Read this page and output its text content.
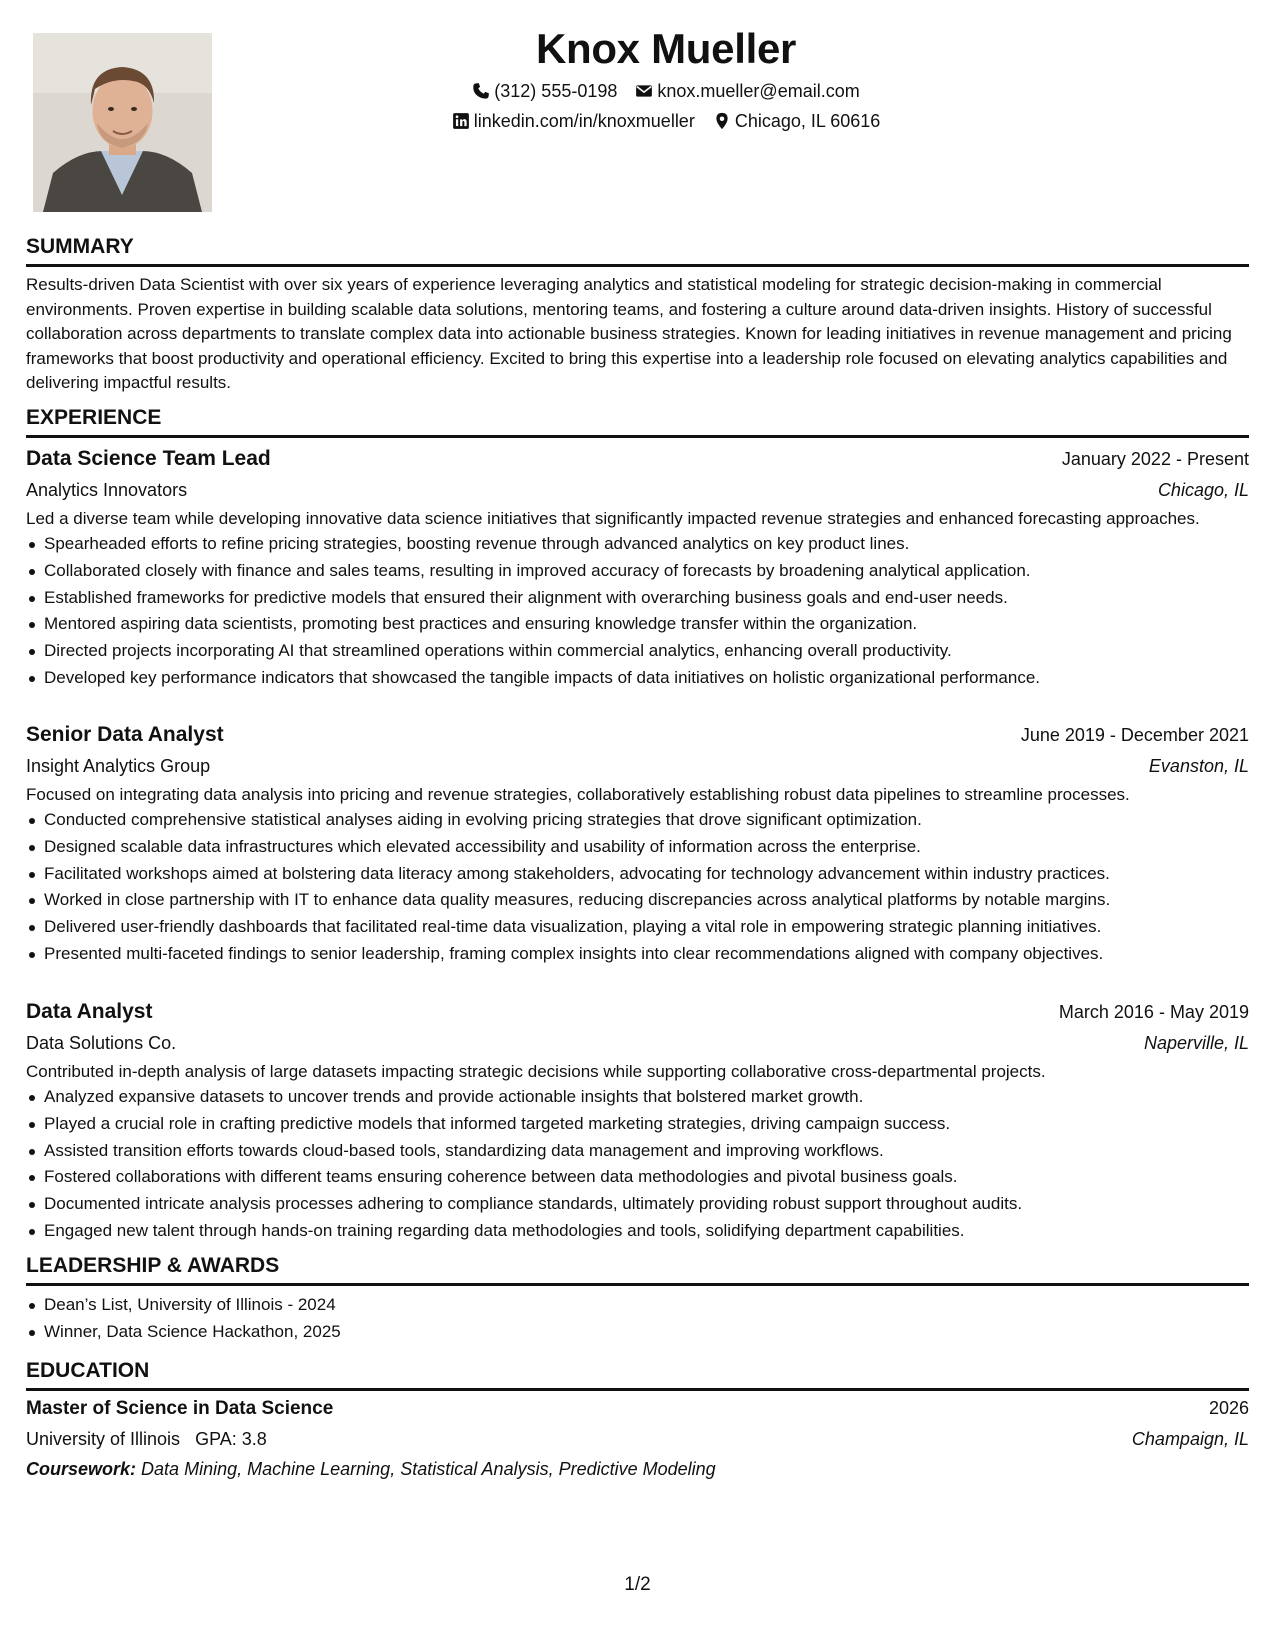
Knox Mueller
(312) 555-0198 knox.mueller@email.com
linkedin.com/in/knoxmueller Chicago, IL 60616
SUMMARY

Results-driven Data Scientist with over six years of experience leveraging analytics and statistical modeling for strategic decision-making in commercial environments. Proven expertise in building scalable data solutions, mentoring teams, and fostering a culture around data-driven insights. History of successful collaboration across departments to translate complex data into actionable business strategies. Known for leading initiatives in revenue management and pricing frameworks that boost productivity and operational efficiency. Excited to bring this expertise into a leadership role focused on elevating analytics capabilities and delivering impactful results.

EXPERIENCE
Data Science Team Lead	January 2022 - Present
Analytics Innovators	Chicago, IL

Led a diverse team while developing innovative data science initiatives that significantly impacted revenue strategies and enhanced forecasting approaches.

Spearheaded efforts to refine pricing strategies, boosting revenue through advanced analytics on key product lines.
Collaborated closely with finance and sales teams, resulting in improved accuracy of forecasts by broadening analytical application.
Established frameworks for predictive models that ensured their alignment with overarching business goals and end-user needs.
Mentored aspiring data scientists, promoting best practices and ensuring knowledge transfer within the organization.
Directed projects incorporating AI that streamlined operations within commercial analytics, enhancing overall productivity.
Developed key performance indicators that showcased the tangible impacts of data initiatives on holistic organizational performance.
Senior Data Analyst	June 2019 - December 2021
Insight Analytics Group	Evanston, IL

Focused on integrating data analysis into pricing and revenue strategies, collaboratively establishing robust data pipelines to streamline processes.

Conducted comprehensive statistical analyses aiding in evolving pricing strategies that drove significant optimization.
Designed scalable data infrastructures which elevated accessibility and usability of information across the enterprise.
Facilitated workshops aimed at bolstering data literacy among stakeholders, advocating for technology advancement within industry practices.
Worked in close partnership with IT to enhance data quality measures, reducing discrepancies across analytical platforms by notable margins.
Delivered user-friendly dashboards that facilitated real-time data visualization, playing a vital role in empowering strategic planning initiatives.
Presented multi-faceted findings to senior leadership, framing complex insights into clear recommendations aligned with company objectives.
Data Analyst	March 2016 - May 2019
Data Solutions Co.	Naperville, IL

Contributed in-depth analysis of large datasets impacting strategic decisions while supporting collaborative cross-departmental projects.

Analyzed expansive datasets to uncover trends and provide actionable insights that bolstered market growth.
Played a crucial role in crafting predictive models that informed targeted marketing strategies, driving campaign success.
Assisted transition efforts towards cloud-based tools, standardizing data management and improving workflows.
Fostered collaborations with different teams ensuring coherence between data methodologies and pivotal business goals.
Documented intricate analysis processes adhering to compliance standards, ultimately providing robust support throughout audits.
Engaged new talent through hands-on training regarding data methodologies and tools, solidifying department capabilities.
LEADERSHIP & AWARDS
Dean’s List, University of Illinois - 2024
Winner, Data Science Hackathon, 2025
EDUCATION
Master of Science in Data Science	2026
University of Illinois GPA: 3.8	Champaign, IL
Coursework: Data Mining, Machine Learning, Statistical Analysis, Predictive Modeling
1/2
